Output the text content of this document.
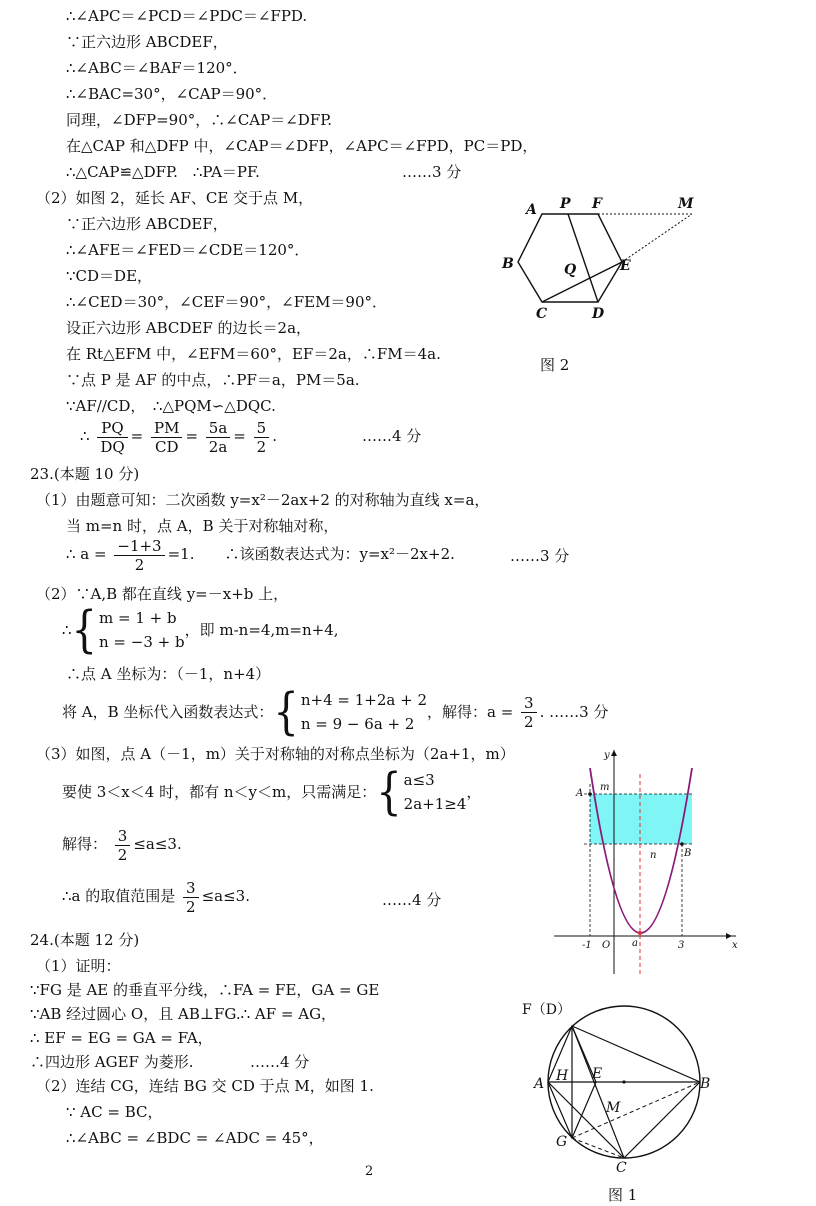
∴∠APC＝∠PCD＝∠PDC＝∠FPD.
∵正六边形 ABCDEF，
∴∠ABC＝∠BAF＝120°．
∴∠BAC=30°，∠CAP＝90°．
同理，∠DFP=90°，∴∠CAP＝∠DFP.
在△CAP 和△DFP 中，∠CAP＝∠DFP，∠APC＝∠FPD，PC＝PD，
∴△CAP≌△DFP.　∴PA＝PF.	……3 分
（2）如图 2，延长 AF、CE 交于点 M，
∵正六边形 ABCDEF，
∴∠AFE＝∠FED＝∠CDE＝120°．
∵CD＝DE，
∴∠CED＝30°，∠CEF＝90°，∠FEM＝90°．
设正六边形 ABCDEF 的边长＝2a，
在 Rt△EFM 中，∠EFM＝60°，EF＝2a，∴FM＝4a.
∵点 P 是 AF 的中点，∴PF＝a，PM＝5a.
∵AF//CD，　∴△PQM∽△DQC.
∴ $\frac{PQ}{DQ} = \frac{PM}{CD} = \frac{5a}{2a} = \frac{5}{2}$ .	……4 分
23.(本题 10 分)
（1）由题意可知：二次函数 y=x²－2ax+2 的对称轴为直线 x=a，
当 m=n 时，点 A，B 关于对称轴对称，
∴ $a = \frac{-1+3}{2} =1$.　　∴该函数表达式为：y=x²－2x+2.	……3 分
（2）∵A,B 都在直线 y=－x+b 上，
∴{ m = 1 + b
n = −3 + b
，即 m-n=4,m=n+4,
∴点 A 坐标为：（－1，n+4）
将 A，B 坐标代入函数表达式：{ n+4 = 1+2a + 2
n = 9 − 6a + 2
，解得：$a = \frac{3}{2}$ . ……3 分
（3）如图，点 A（－1，m）关于对称轴的对称点坐标为（2a+1，m）
要使 3＜x＜4 时，都有 n＜y＜m，只需满足：{ a≤3
2a+1≥4
，
解得： $\frac{3}{2} \le a\le 3$.
∴a 的取值范围是 $\frac{3}{2} \le a\le 3$.	……4 分
24.(本题 12 分)
（1）证明：
∵FG 是 AE 的垂直平分线，∴FA = FE，GA = GE
∵AB 经过圆心 O，且 AB⊥FG.∴ AF = AG，
∴ EF = EG = GA = FA，
∴四边形 AGEF 为菱形.	……4 分
（2）连结 CG，连结 BG 交 CD 于点 M，如图 1.
∵ AC = BC，
∴∠ABC = ∠BDC = ∠ADC = 45°，
2
A P F	M
B	Q	E
C	D
图 2
y
x
A
m
B
n
O a
-1	3
F（D）
A H E
B
M
G
C
图 1
